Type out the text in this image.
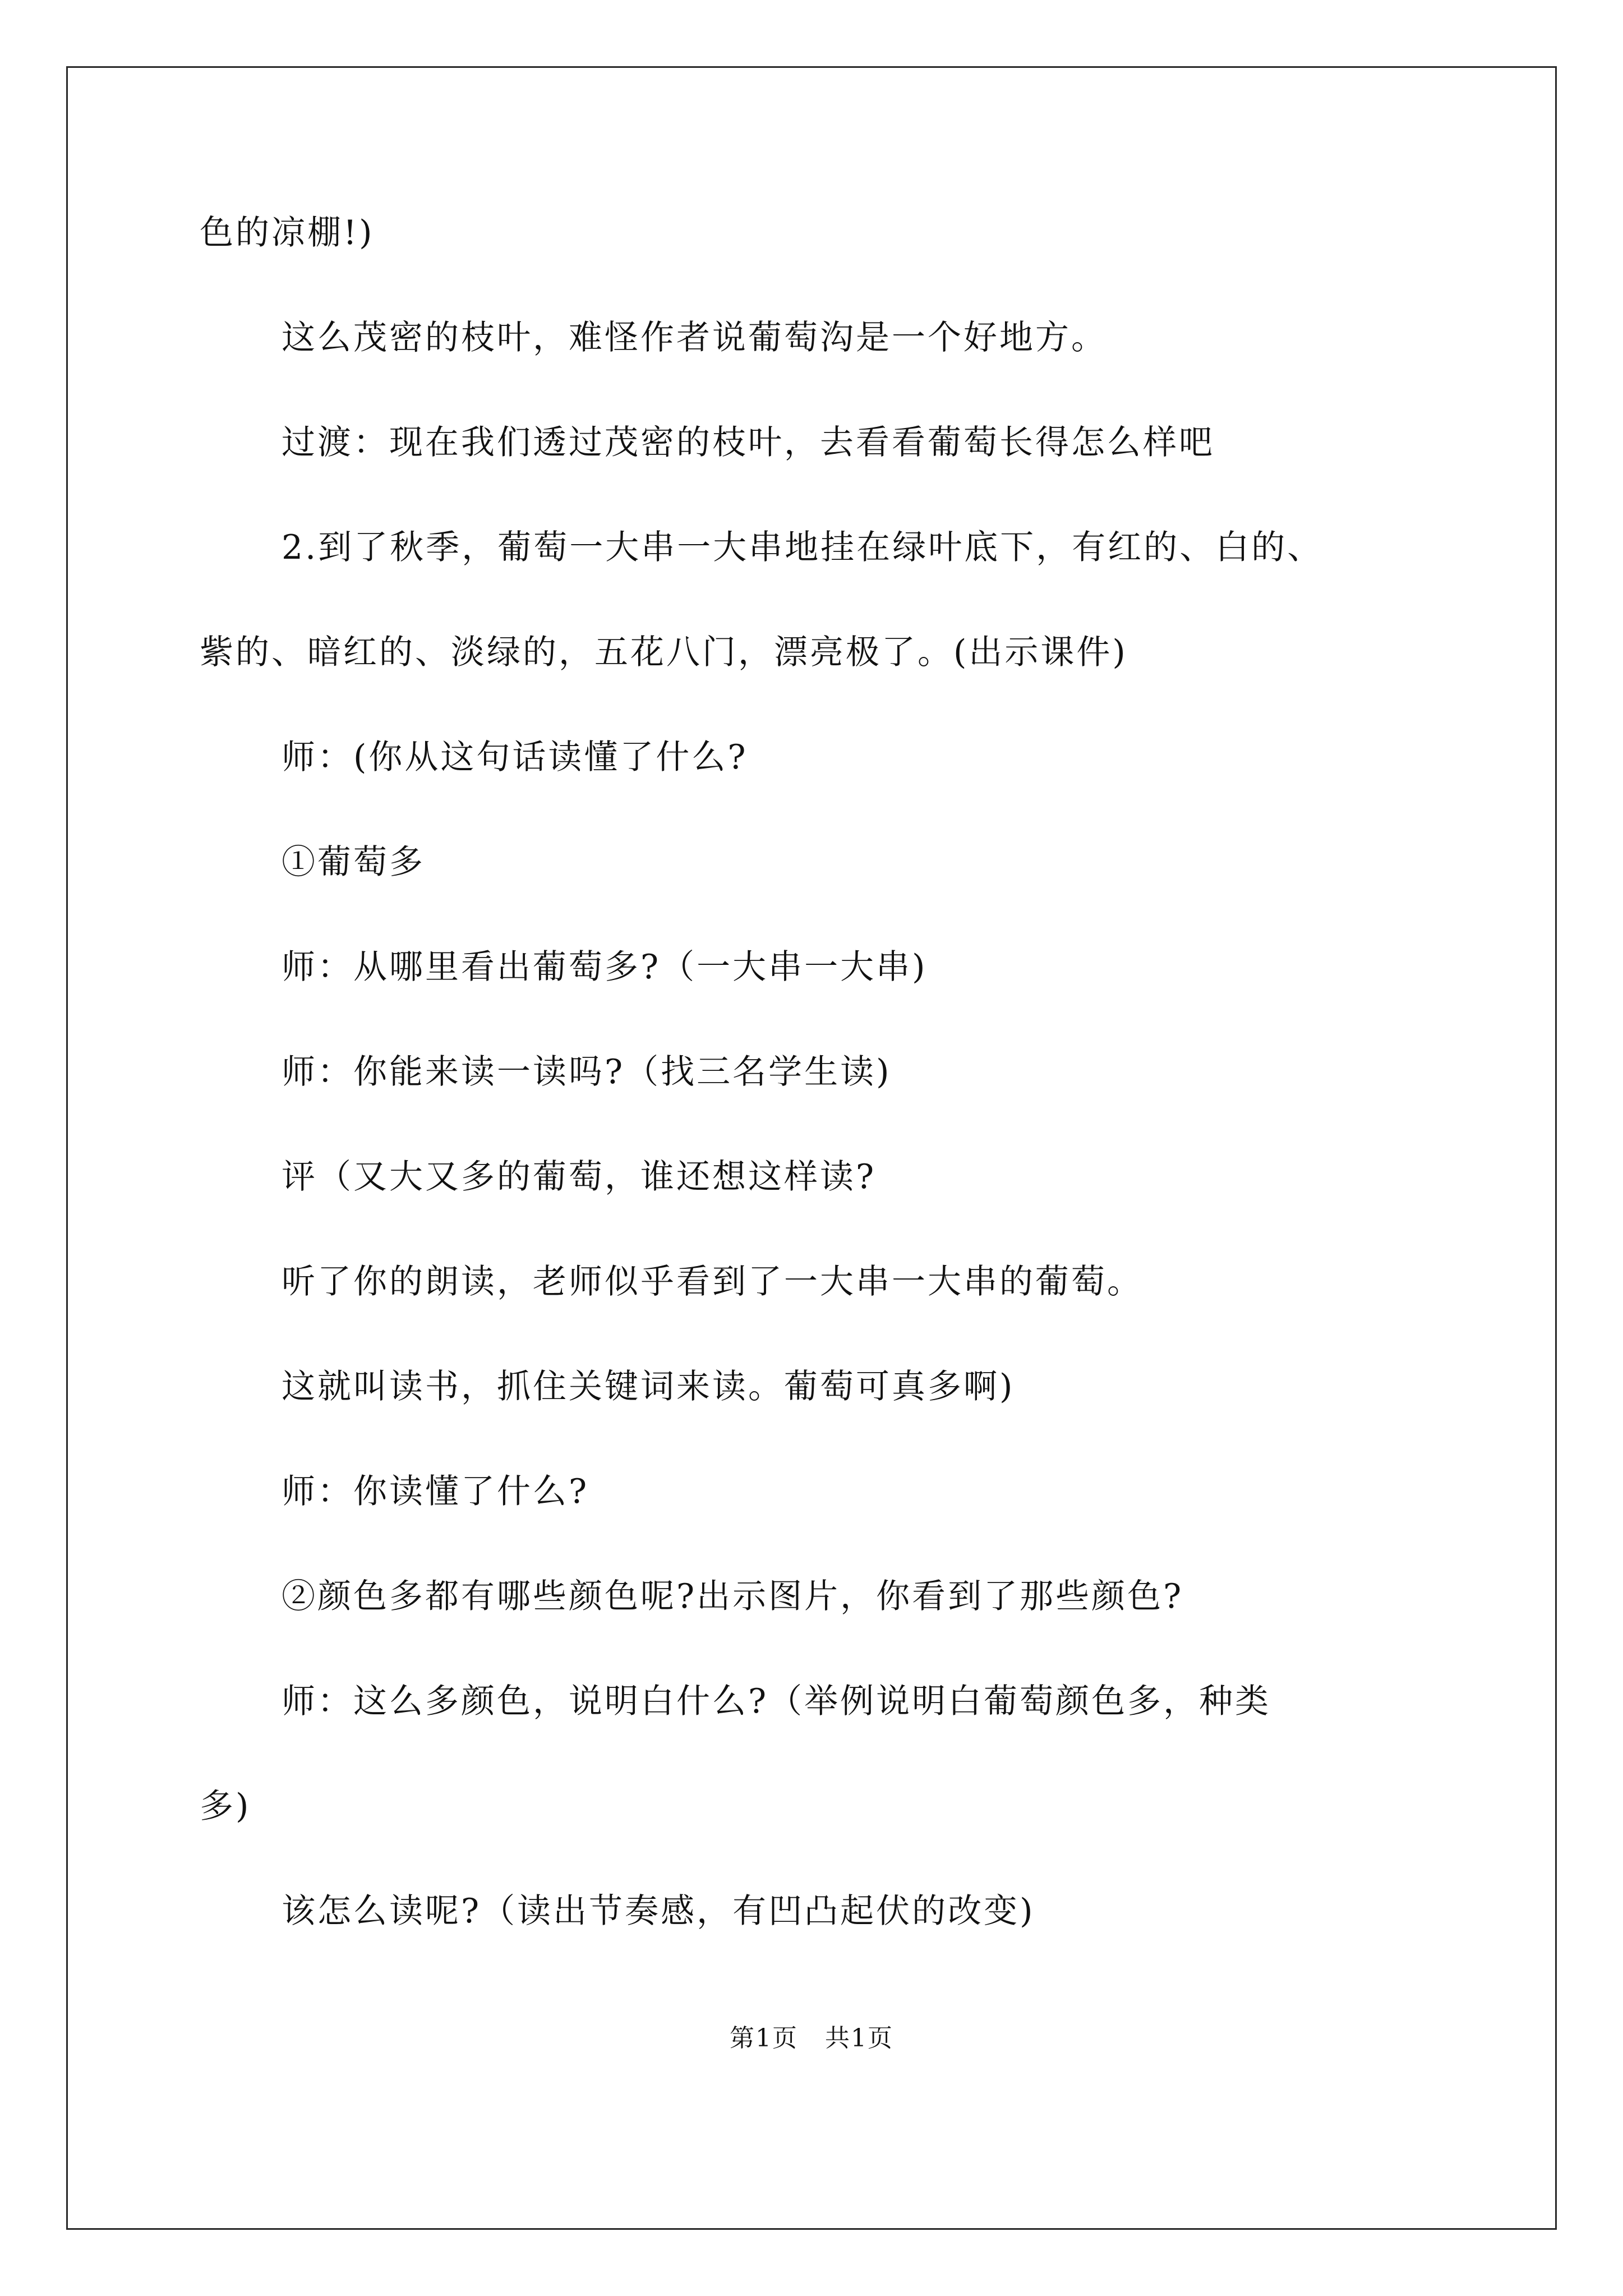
色的凉棚!)

这么茂密的枝叶，难怪作者说葡萄沟是一个好地方。

过渡：现在我们透过茂密的枝叶，去看看葡萄长得怎么样吧

2.到了秋季，葡萄一大串一大串地挂在绿叶底下，有红的、白的、

紫的、暗红的、淡绿的，五花八门，漂亮极了。(出示课件)

师：(你从这句话读懂了什么?

①葡萄多

师：从哪里看出葡萄多?（一大串一大串)

师：你能来读一读吗?（找三名学生读)

评（又大又多的葡萄，谁还想这样读?

听了你的朗读，老师似乎看到了一大串一大串的葡萄。

这就叫读书，抓住关键词来读。葡萄可真多啊)

师：你读懂了什么?

②颜色多都有哪些颜色呢?出示图片，你看到了那些颜色?

师：这么多颜色，说明白什么?（举例说明白葡萄颜色多，种类

多)

该怎么读呢?（读出节奏感，有凹凸起伏的改变)

第1页   共1页
